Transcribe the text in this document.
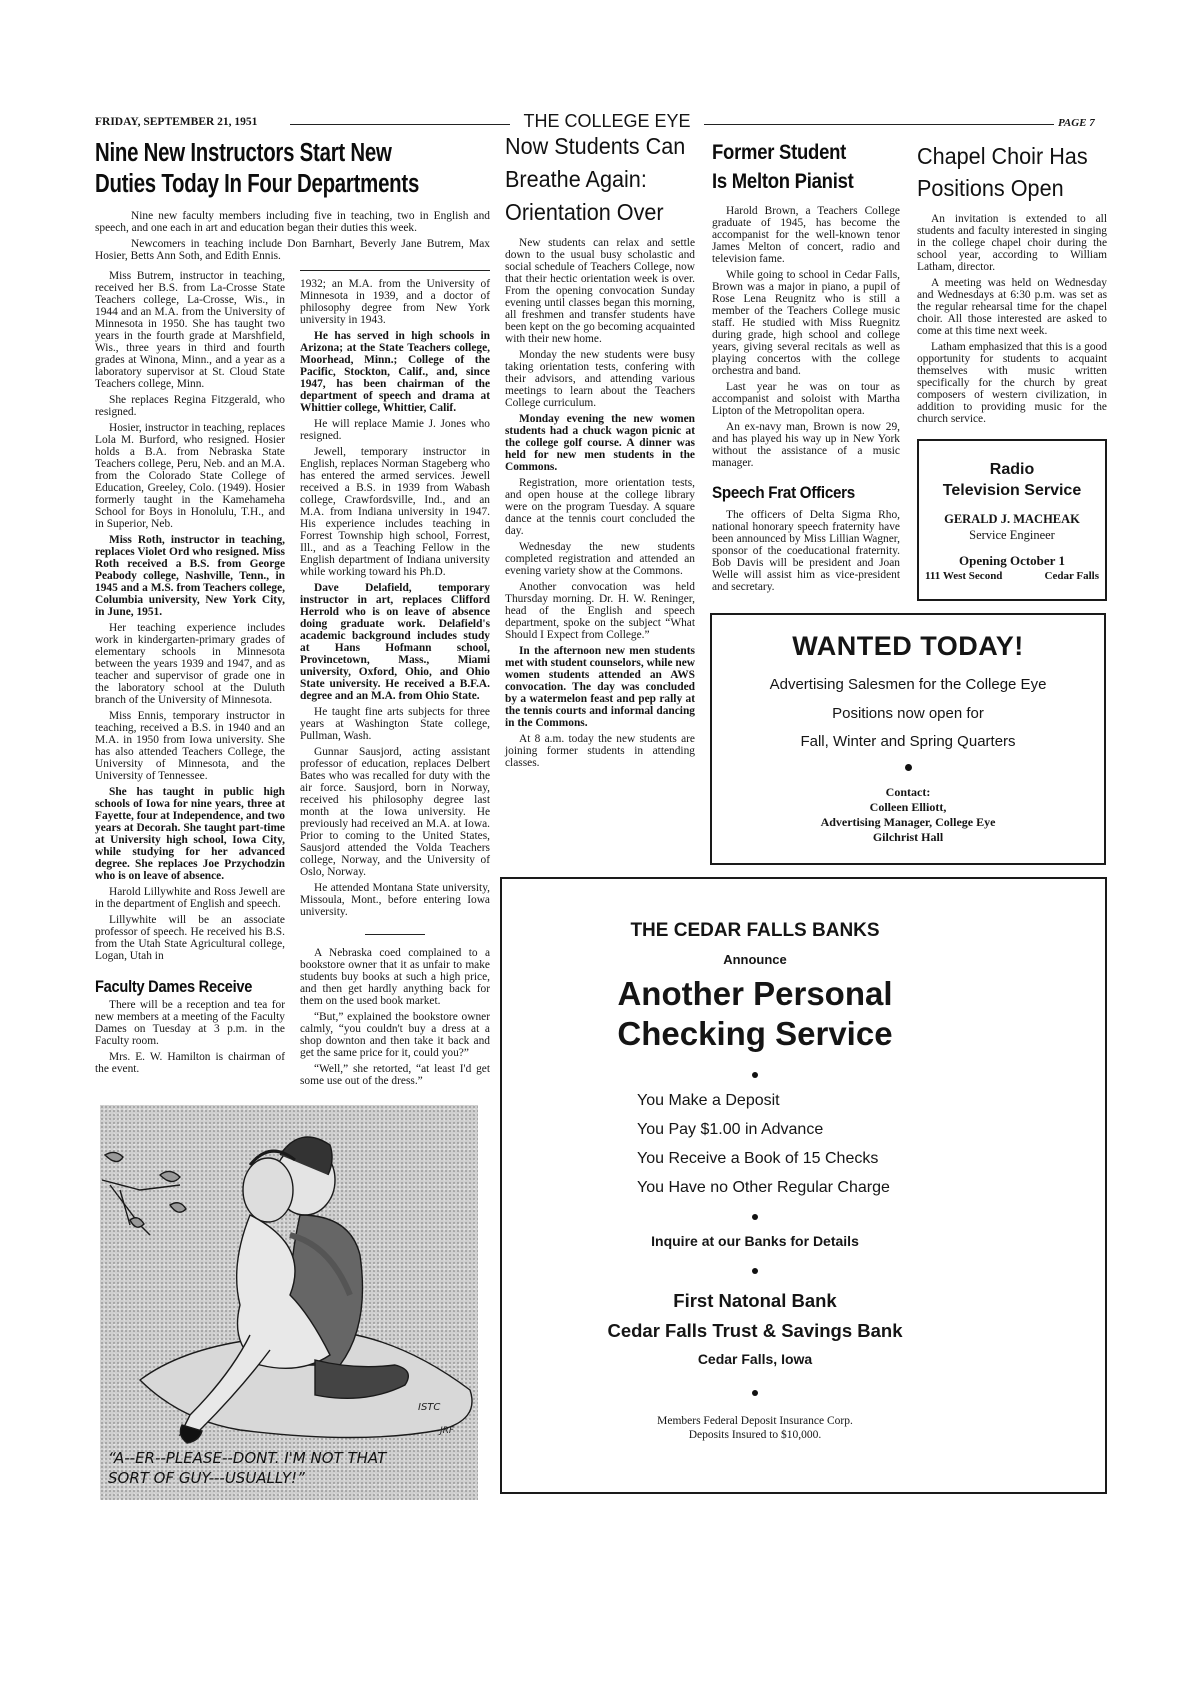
FRIDAY, SEPTEMBER 21, 1951	THE COLLEGE EYE	PAGE 7
Nine New Instructors Start New
Duties Today In Four Departments

Nine new faculty members including five in teaching, two in English and speech, and one each in art and education began their duties this week.

Newcomers in teaching include Don Barnhart, Beverly Jane Butrem, Max Hosier, Betts Ann Soth, and Edith Ennis.

Miss Butrem, instructor in teaching, received her B.S. from La-Crosse State Teachers college, La-Crosse, Wis., in 1944 and an M.A. from the University of Minnesota in 1950. She has taught two years in the fourth grade at Marshfield, Wis., three years in third and fourth grades at Winona, Minn., and a year as a laboratory supervisor at St. Cloud State Teachers college, Minn.

She replaces Regina Fitzgerald, who resigned.

Hosier, instructor in teaching, replaces Lola M. Burford, who resigned. Hosier holds a B.A. from Nebraska State Teachers college, Peru, Neb. and an M.A. from the Colorado State College of Education, Greeley, Colo. (1949). Hosier formerly taught in the Kamehameha School for Boys in Honolulu, T.H., and in Superior, Neb.

Miss Roth, instructor in teaching, replaces Violet Ord who resigned. Miss Roth received a B.S. from George Peabody college, Nashville, Tenn., in 1945 and a M.S. from Teachers college, Columbia university, New York City, in June, 1951.

Her teaching experience includes work in kindergarten-primary grades of elementary schools in Minnesota between the years 1939 and 1947, and as teacher and supervisor of grade one in the laboratory school at the Duluth branch of the University of Minnesota.

Miss Ennis, temporary instructor in teaching, received a B.S. in 1940 and an M.A. in 1950 from Iowa university. She has also attended Teachers College, the University of Minnesota, and the University of Tennessee.

She has taught in public high schools of Iowa for nine years, three at Fayette, four at Independence, and two years at Decorah. She taught part-time at University high school, Iowa City, while studying for her advanced degree. She replaces Joe Przychodzin who is on leave of absence.

Harold Lillywhite and Ross Jewell are in the department of English and speech.

Lillywhite will be an associate professor of speech. He received his B.S. from the Utah State Agricultural college, Logan, Utah in

Faculty Dames Receive

There will be a reception and tea for new members at a meeting of the Faculty Dames on Tuesday at 3 p.m. in the Faculty room.

Mrs. E. W. Hamilton is chairman of the event.

1932; an M.A. from the University of Minnesota in 1939, and a doctor of philosophy degree from New York university in 1943.

He has served in high schools in Arizona; at the State Teachers college, Moorhead, Minn.; College of the Pacific, Stockton, Calif., and, since 1947, has been chairman of the department of speech and drama at Whittier college, Whittier, Calif.

He will replace Mamie J. Jones who resigned.

Jewell, temporary instructor in English, replaces Norman Stageberg who has entered the armed services. Jewell received a B.S. in 1939 from Wabash college, Crawfordsville, Ind., and an M.A. from Indiana university in 1947. His experience includes teaching in Forrest Township high school, Forrest, Ill., and as a Teaching Fellow in the English department of Indiana university while working toward his Ph.D.

Dave Delafield, temporary instructor in art, replaces Clifford Herrold who is on leave of absence doing graduate work. Delafield's academic background includes study at Hans Hofmann school, Provincetown, Mass., Miami university, Oxford, Ohio, and Ohio State university. He received a B.F.A. degree and an M.A. from Ohio State.

He taught fine arts subjects for three years at Washington State college, Pullman, Wash.

Gunnar Sausjord, acting assistant professor of education, replaces Delbert Bates who was recalled for duty with the air force. Sausjord, born in Norway, received his philosophy degree last month at the Iowa university. He previously had received an M.A. at Iowa. Prior to coming to the United States, Sausjord attended the Volda Teachers college, Norway, and the University of Oslo, Norway.

He attended Montana State university, Missoula, Mont., before entering Iowa university.

A Nebraska coed complained to a bookstore owner that it as unfair to make students buy books at such a high price, and then get hardly anything back for them on the used book market.

“But,” explained the bookstore owner calmly, “you couldn't buy a dress at a shop downton and then take it back and get the same price for it, could you?”

“Well,” she retorted, “at least I'd get some use out of the dress.”

ISTC
JRF
“A--ER--PLEASE--DONT. I'M NOT THAT
SORT OF GUY---USUALLY!”
Now Students Can
Breathe Again:
Orientation Over

New students can relax and settle down to the usual busy scholastic and social schedule of Teachers College, now that their hectic orientation week is over. From the opening convocation Sunday evening until classes began this morning, all freshmen and transfer students have been kept on the go becoming acquainted with their new home.

Monday the new students were busy taking orientation tests, confering with their advisors, and attending various meetings to learn about the Teachers College curriculum.

Monday evening the new women students had a chuck wagon picnic at the college golf course. A dinner was held for new men students in the Commons.

Registration, more orientation tests, and open house at the college library were on the program Tuesday. A square dance at the tennis court concluded the day.

Wednesday the new students completed registration and attended an evening variety show at the Commons.

Another convocation was held Thursday morning. Dr. H. W. Reninger, head of the English and speech department, spoke on the subject “What Should I Expect from College.”

In the afternoon new men students met with student counselors, while new women students attended an AWS convocation. The day was concluded by a watermelon feast and pep rally at the tennis courts and informal dancing in the Commons.

At 8 a.m. today the new students are joining former students in attending classes.

Former Student
Is Melton Pianist

Harold Brown, a Teachers College graduate of 1945, has become the accompanist for the well-known tenor James Melton of concert, radio and television fame.

While going to school in Cedar Falls, Brown was a major in piano, a pupil of Rose Lena Reugnitz who is still a member of the Teachers College music staff. He studied with Miss Ruegnitz during grade, high school and college years, giving several recitals as well as playing concertos with the college orchestra and band.

Last year he was on tour as accompanist and soloist with Martha Lipton of the Metropolitan opera.

An ex-navy man, Brown is now 29, and has played his way up in New York without the assistance of a music manager.

Speech Frat Officers

The officers of Delta Sigma Rho, national honorary speech fraternity have been announced by Miss Lillian Wagner, sponsor of the coeducational fraternity. Bob Davis will be president and Joan Welle will assist him as vice-president and secretary.

Chapel Choir Has
Positions Open

An invitation is extended to all students and faculty interested in singing in the college chapel choir during the school year, according to William Latham, director.

A meeting was held on Wednesday and Wednesdays at 6:30 p.m. was set as the regular rehearsal time for the chapel choir. All those interested are asked to come at this time next week.

Latham emphasized that this is a good opportunity for students to acquaint themselves with music written specifically for the church by great composers of western civilization, in addition to providing music for the church service.

Radio
Television Service
GERALD J. MACHEAK
Service Engineer
Opening October 1
111 West Second	Cedar Falls
WANTED TODAY!
Advertising Salesmen for the College Eye
Positions now open for
Fall, Winter and Spring Quarters
Contact:
Colleen Elliott,
Advertising Manager, College Eye
Gilchrist Hall
THE CEDAR FALLS BANKS
Announce
Another Personal
Checking Service
You Make a Deposit
You Pay $1.00 in Advance
You Receive a Book of 15 Checks
You Have no Other Regular Charge
Inquire at our Banks for Details
First Natonal Bank
Cedar Falls Trust & Savings Bank
Cedar Falls, Iowa
Members Federal Deposit Insurance Corp.
Deposits Insured to $10,000.
